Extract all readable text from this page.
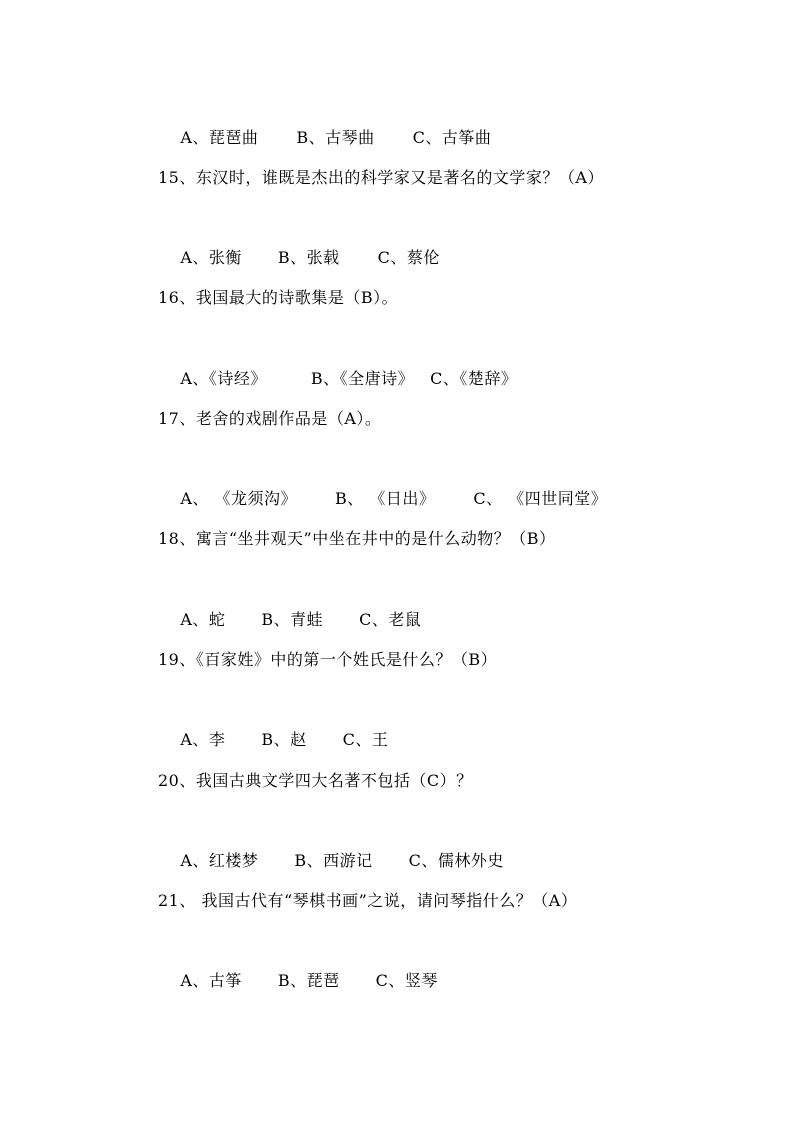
A、琵琶曲 B、古琴曲 C、古筝曲

15、东汉时，谁既是杰出的科学家又是著名的文学家？（A）

A、张衡 B、张载 C、蔡伦

16、我国最大的诗歌集是（B）。

A、《诗经》	B、《全唐诗》 C、《楚辞》

17、老舍的戏剧作品是（A）。

A、 《龙须沟》 B、 《日出》 C、 《四世同堂》

18、寓言“坐井观天”中坐在井中的是什么动物？（B）

A、蛇 B、青蛙 C、老鼠

19、《百家姓》中的第一个姓氏是什么？（B）

A、李 B、赵 C、王

20、我国古典文学四大名著不包括（C）？

A、红楼梦 B、西游记 C、儒林外史

21、 我国古代有“琴棋书画”之说，请问琴指什么？（A）

A、古筝 B、琵琶 C、竖琴
